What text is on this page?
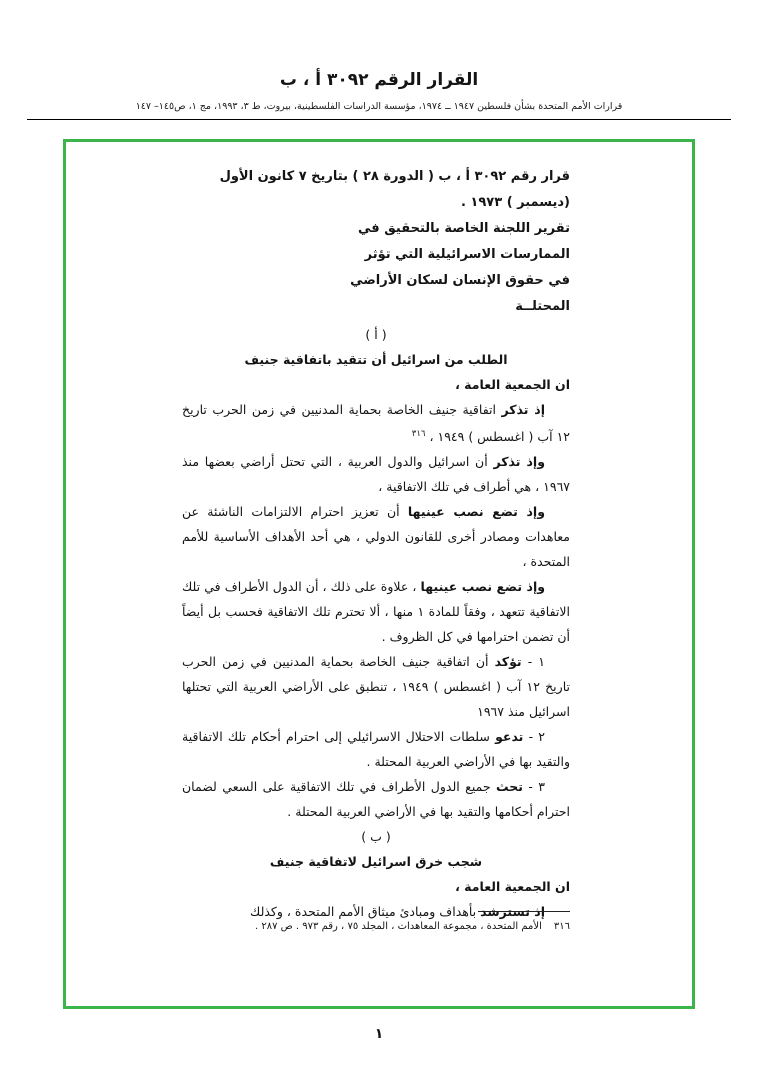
القرار الرقم ٣٠٩٢ أ ، ب
قرارات الأمم المتحدة بشأن فلسطين ١٩٤٧ ــ ١٩٧٤، مؤسسة الدراسات الفلسطينية، بيروت، ط ٣، ١٩٩٣، مج ١، ص١٤٥– ١٤٧
قرار رقم ٣٠٩٢ أ ، ب ( الدورة ٢٨ ) بتاريخ ٧ كانون الأول
(ديسمبر ) ١٩٧٣ .
تقرير اللجنة الخاصة بالتحقيق في
الممارسات الاسرائيلية التي تؤثر
في حقوق الإنسان لسكان الأراضي
المحتلــة
( أ )
الطلب من اسرائيل أن تتقيد باتفاقية جنيف

ان الجمعية العامة ،

إذ تذكر اتفاقية جنيف الخاصة بحماية المدنيين في زمن الحرب تاريخ ١٢ آب ( اغسطس ) ١٩٤٩ ، $^{٣١٦}$

وإذ تذكر أن اسرائيل والدول العربية ، التي تحتل أراضي بعضها منذ ١٩٦٧ ، هي أطراف في تلك الاتفاقية ،

وإذ تضع نصب عينيها أن تعزيز احترام الالتزامات الناشئة عن معاهدات ومصادر أخرى للقانون الدولي ، هي أحد الأهداف الأساسية للأمم المتحدة ،

وإذ تضع نصب عينيها ، علاوة على ذلك ، أن الدول الأطراف في تلك الاتفاقية تتعهد ، وفقاً للمادة ١ منها ، ألا تحترم تلك الاتفاقية فحسب بل أيضاً أن تضمن احترامها في كل الظروف .

١ - تؤكد أن اتفاقية جنيف الخاصة بحماية المدنيين في زمن الحرب تاريخ ١٢ آب ( اغسطس ) ١٩٤٩ ، تنطبق على الأراضي العربية التي تحتلها اسرائيل منذ ١٩٦٧

٢ - تدعو سلطات الاحتلال الاسرائيلي إلى احترام أحكام تلك الاتفاقية والتقيد بها في الأراضي العربية المحتلة .

٣ - تحث جميع الدول الأطراف في تلك الاتفاقية على السعي لضمان احترام أحكامها والتقيد بها في الأراضي العربية المحتلة .

( ب )
شجب خرق اسرائيل لاتفاقية جنيف

ان الجمعية العامة ،

إذ تسترشد بأهداف ومبادئ ميثاق الأمم المتحدة ، وكذلك

٣١٦الأمم المتحدة ، مجموعة المعاهدات ، المجلد ٧٥ ، رقم ٩٧٣ . ص ٢٨٧ .
١
